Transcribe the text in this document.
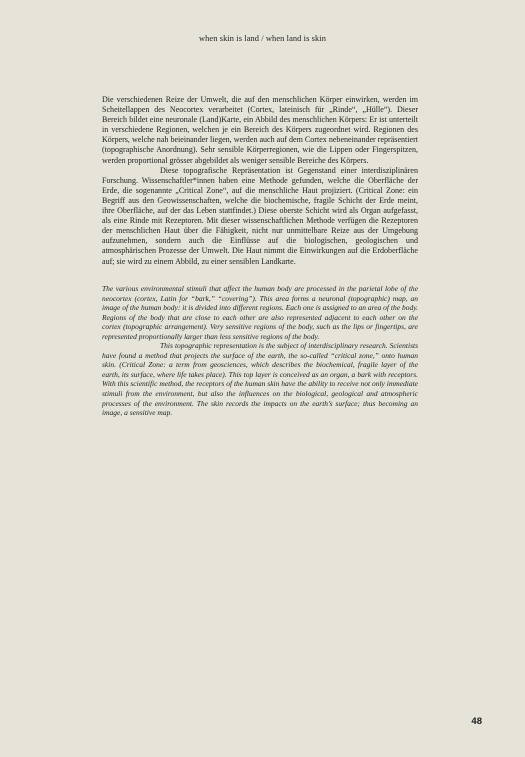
when skin is land / when land is skin

Die verschiedenen Reize der Umwelt, die auf den menschlichen Körper einwirken, werden im Scheitellappen des Neocortex verarbeitet (Cortex, lateinisch für „Rinde“, „Hülle“). Dieser Bereich bildet eine neuronale (Land)Karte, ein Abbild des menschlichen Körpers: Er ist unterteilt in verschiedene Regionen, welchen je ein Bereich des Körpers zugeordnet wird. Regionen des Körpers, welche nah beieinander liegen, werden auch auf dem Cortex nebeneinander repräsentiert (topographische Anordnung). Sehr sensible Körperregionen, wie die Lippen oder Fingerspitzen, werden proportional grösser abgebildet als weniger sensible Bereiche des Körpers.

Diese topografische Repräsentation ist Gegenstand einer interdisziplinären Forschung. Wissenschaftler*innen haben eine Methode gefunden, welche die Oberfläche der Erde, die sogenannte „Critical Zone“, auf die menschliche Haut projiziert. (Critical Zone: ein Begriff aus den Geowissenschaften, welche die biochemische, fragile Schicht der Erde meint, ihre Oberfläche, auf der das Leben stattfindet.) Diese oberste Schicht wird als Organ aufgefasst, als eine Rinde mit Rezeptoren. Mit dieser wissenschaftlichen Methode verfügen die Rezeptoren der menschlichen Haut über die Fähigkeit, nicht nur unmittelbare Reize aus der Umgebung aufzunehmen, sondern auch die Einflüsse auf die biologischen, geologischen und atmosphärischen Prozesse der Umwelt. Die Haut nimmt die Einwirkungen auf die Erdoberfläche auf; sie wird zu einem Abbild, zu einer sensiblen Landkarte.

The various environmental stimuli that affect the human body are processed in the parietal lobe of the neocortex (cortex, Latin for “bark,” “covering”). This area forms a neuronal (topographic) map, an image of the human body: it is divided into different regions. Each one is assigned to an area of the body. Regions of the body that are close to each other are also represented adjacent to each other on the cortex (topographic arrangement). Very sensitive regions of the body, such as the lips or fingertips, are represented proportionally larger than less sensitive regions of the body.

This topographic representation is the subject of interdisciplinary research. Scientists have found a method that projects the surface of the earth, the so-called “critical zone,” onto human skin. (Critical Zone: a term from geosciences, which describes the biochemical, fragile layer of the earth, its surface, where life takes place). This top layer is conceived as an organ, a bark with receptors. With this scientific method, the receptors of the human skin have the ability to receive not only immediate stimuli from the environment, but also the influences on the biological, geological and atmospheric processes of the environment. The skin records the impacts on the earth’s surface; thus becoming an image, a sensitive map.

48
